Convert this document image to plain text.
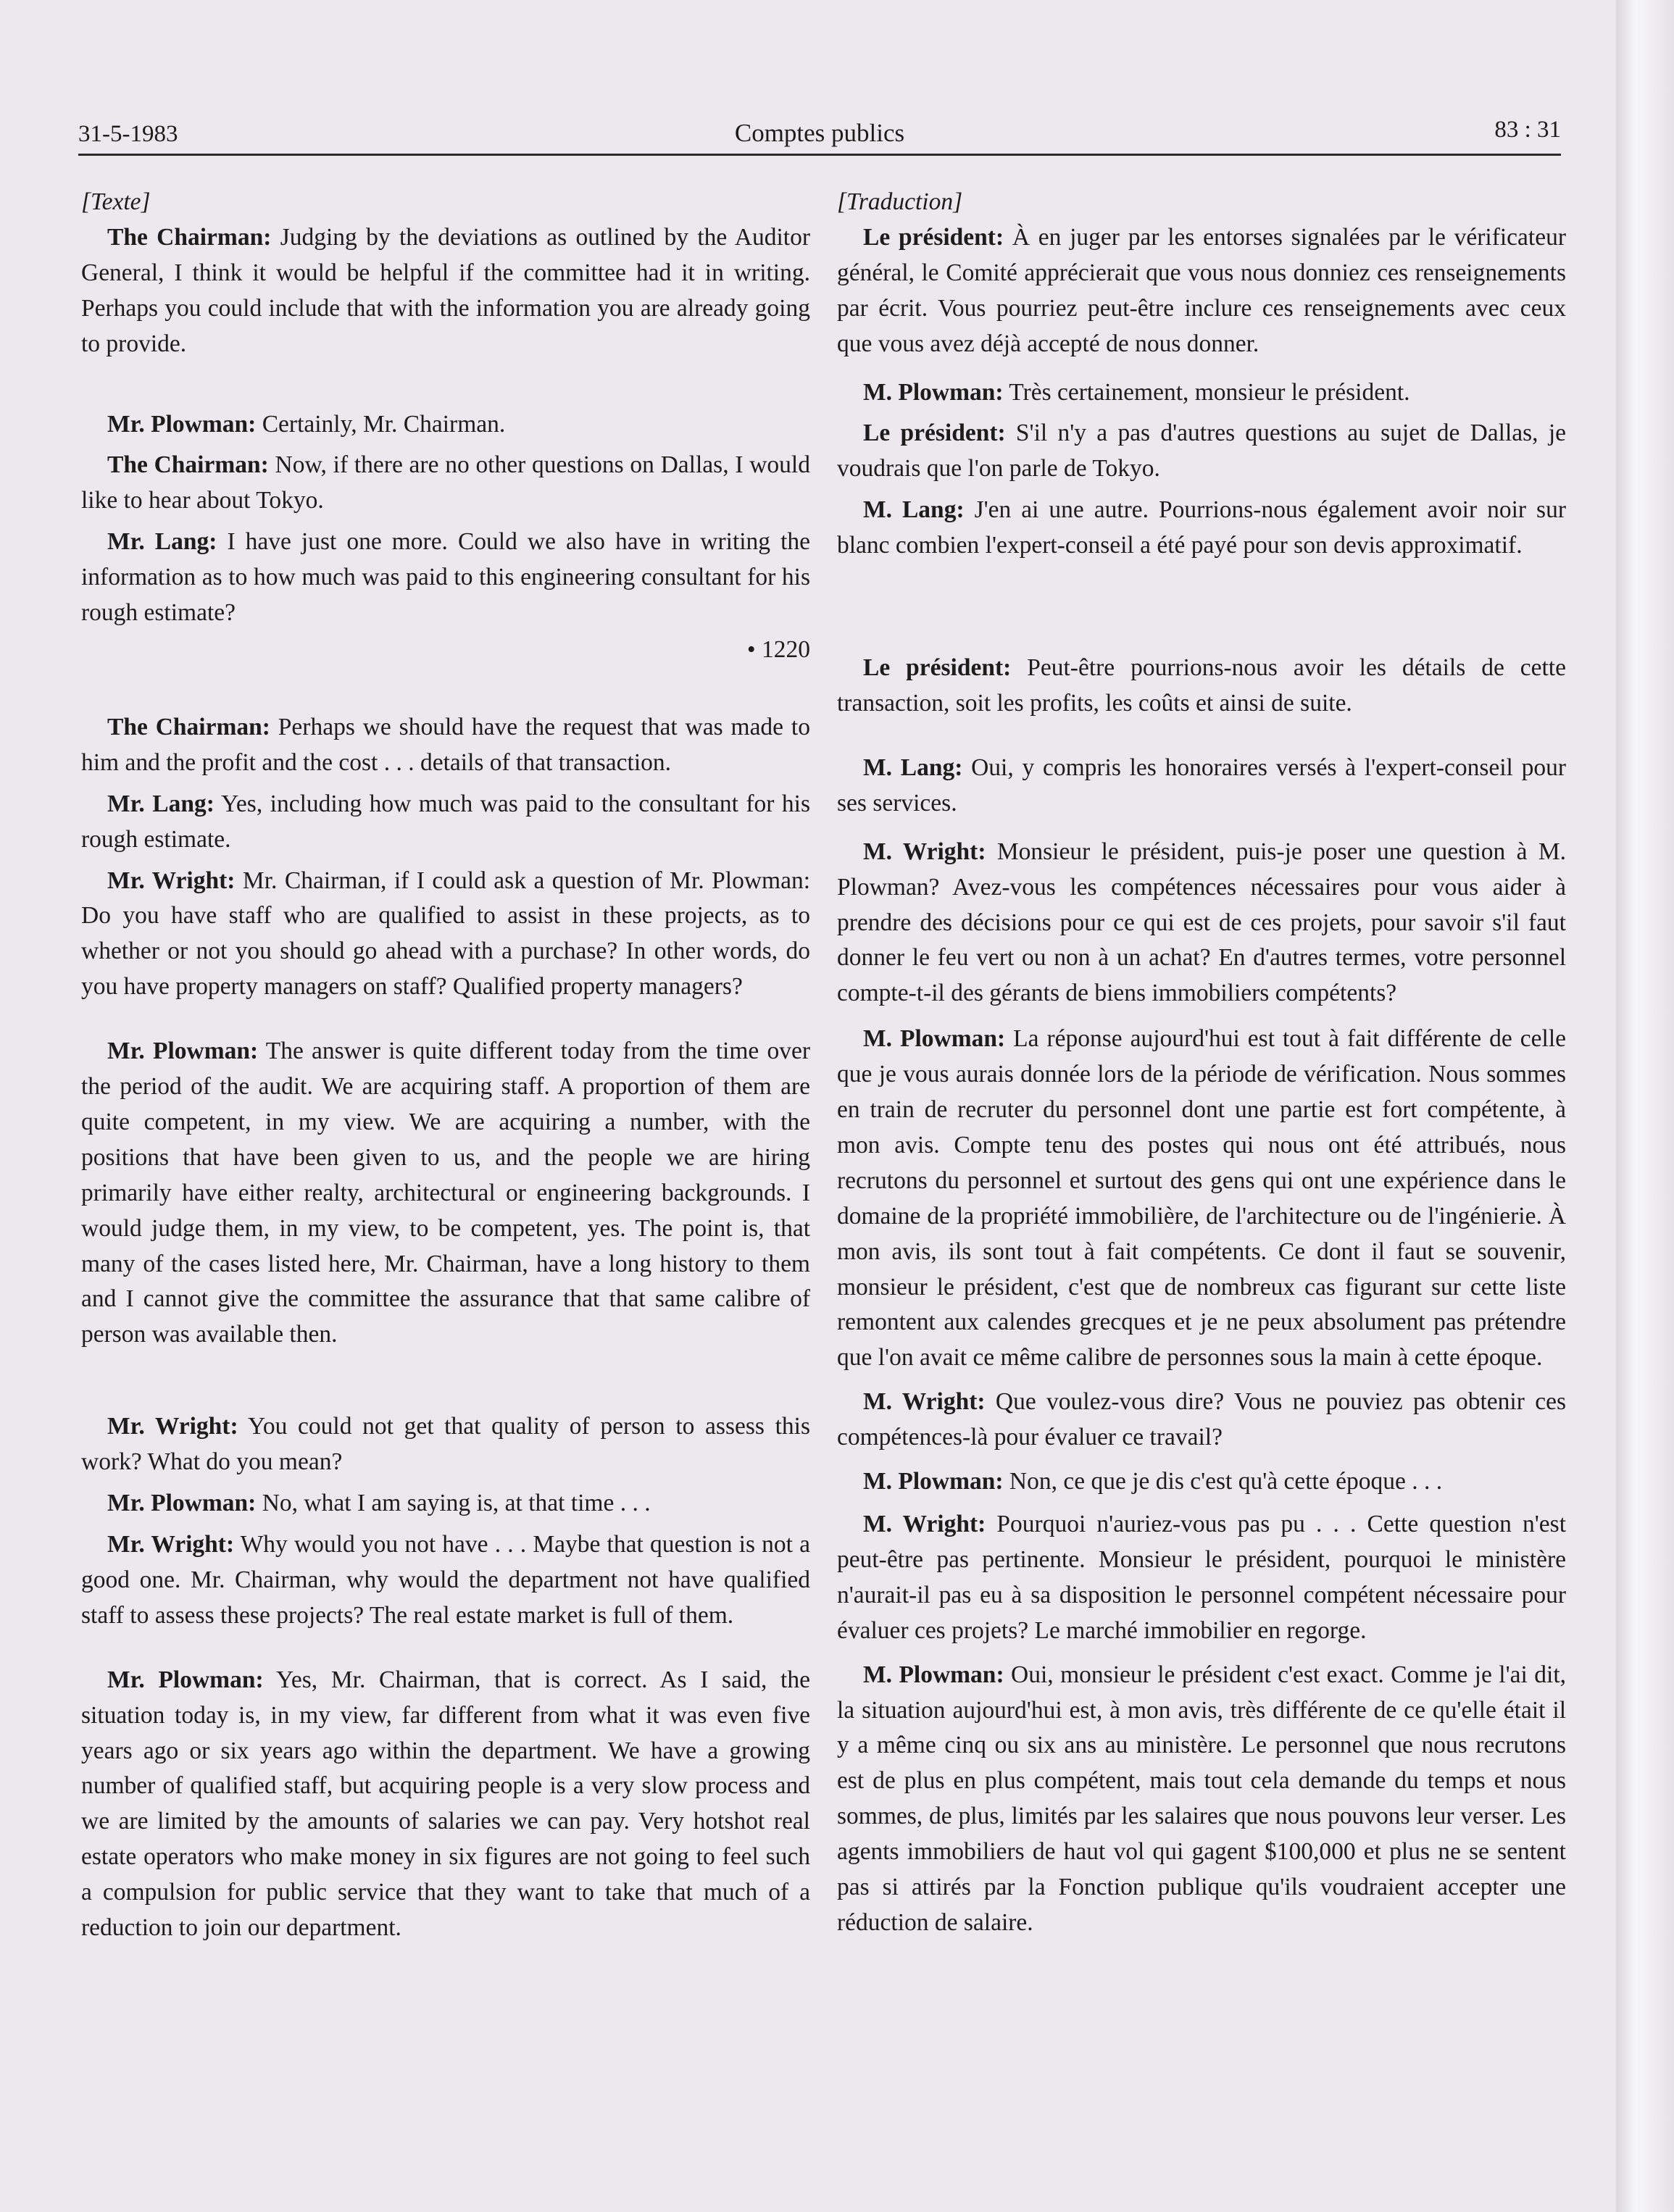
31-5-1983	Comptes publics	83 : 31

[Texte]

The Chairman: Judging by the deviations as outlined by the Auditor General, I think it would be helpful if the committee had it in writing. Perhaps you could include that with the information you are already going to provide.

Mr. Plowman: Certainly, Mr. Chairman.

The Chairman: Now, if there are no other questions on Dallas, I would like to hear about Tokyo.

Mr. Lang: I have just one more. Could we also have in writing the information as to how much was paid to this engineering consultant for his rough estimate?

• 1220

The Chairman: Perhaps we should have the request that was made to him and the profit and the cost . . . details of that transaction.

Mr. Lang: Yes, including how much was paid to the consultant for his rough estimate.

Mr. Wright: Mr. Chairman, if I could ask a question of Mr. Plowman: Do you have staff who are qualified to assist in these projects, as to whether or not you should go ahead with a purchase? In other words, do you have property managers on staff? Qualified property managers?

Mr. Plowman: The answer is quite different today from the time over the period of the audit. We are acquiring staff. A proportion of them are quite competent, in my view. We are acquiring a number, with the positions that have been given to us, and the people we are hiring primarily have either realty, architectural or engineering backgrounds. I would judge them, in my view, to be competent, yes. The point is, that many of the cases listed here, Mr. Chairman, have a long history to them and I cannot give the committee the assurance that that same calibre of person was available then.

Mr. Wright: You could not get that quality of person to assess this work? What do you mean?

Mr. Plowman: No, what I am saying is, at that time . . .

Mr. Wright: Why would you not have . . . Maybe that question is not a good one. Mr. Chairman, why would the department not have qualified staff to assess these projects? The real estate market is full of them.

Mr. Plowman: Yes, Mr. Chairman, that is correct. As I said, the situation today is, in my view, far different from what it was even five years ago or six years ago within the department. We have a growing number of qualified staff, but acquiring people is a very slow process and we are limited by the amounts of salaries we can pay. Very hotshot real estate operators who make money in six figures are not going to feel such a compulsion for public service that they want to take that much of a reduction to join our department.

[Traduction]

Le président: À en juger par les entorses signalées par le vérificateur général, le Comité apprécierait que vous nous donniez ces renseignements par écrit. Vous pourriez peut-être inclure ces renseignements avec ceux que vous avez déjà accepté de nous donner.

M. Plowman: Très certainement, monsieur le président.

Le président: S'il n'y a pas d'autres questions au sujet de Dallas, je voudrais que l'on parle de Tokyo.

M. Lang: J'en ai une autre. Pourrions-nous également avoir noir sur blanc combien l'expert-conseil a été payé pour son devis approximatif.

Le président: Peut-être pourrions-nous avoir les détails de cette transaction, soit les profits, les coûts et ainsi de suite.

M. Lang: Oui, y compris les honoraires versés à l'expert-conseil pour ses services.

M. Wright: Monsieur le président, puis-je poser une question à M. Plowman? Avez-vous les compétences nécessaires pour vous aider à prendre des décisions pour ce qui est de ces projets, pour savoir s'il faut donner le feu vert ou non à un achat? En d'autres termes, votre personnel compte-t-il des gérants de biens immobiliers compétents?

M. Plowman: La réponse aujourd'hui est tout à fait différente de celle que je vous aurais donnée lors de la période de vérification. Nous sommes en train de recruter du personnel dont une partie est fort compétente, à mon avis. Compte tenu des postes qui nous ont été attribués, nous recrutons du personnel et surtout des gens qui ont une expérience dans le domaine de la propriété immobilière, de l'architecture ou de l'ingénierie. À mon avis, ils sont tout à fait compétents. Ce dont il faut se souvenir, monsieur le président, c'est que de nombreux cas figurant sur cette liste remontent aux calendes grecques et je ne peux absolument pas prétendre que l'on avait ce même calibre de personnes sous la main à cette époque.

M. Wright: Que voulez-vous dire? Vous ne pouviez pas obtenir ces compétences-là pour évaluer ce travail?

M. Plowman: Non, ce que je dis c'est qu'à cette époque . . .

M. Wright: Pourquoi n'auriez-vous pas pu . . . Cette question n'est peut-être pas pertinente. Monsieur le président, pourquoi le ministère n'aurait-il pas eu à sa disposition le personnel compétent nécessaire pour évaluer ces projets? Le marché immobilier en regorge.

M. Plowman: Oui, monsieur le président c'est exact. Comme je l'ai dit, la situation aujourd'hui est, à mon avis, très différente de ce qu'elle était il y a même cinq ou six ans au ministère. Le personnel que nous recrutons est de plus en plus compétent, mais tout cela demande du temps et nous sommes, de plus, limités par les salaires que nous pouvons leur verser. Les agents immobiliers de haut vol qui gagent $100,000 et plus ne se sentent pas si attirés par la Fonction publique qu'ils voudraient accepter une réduction de salaire.
